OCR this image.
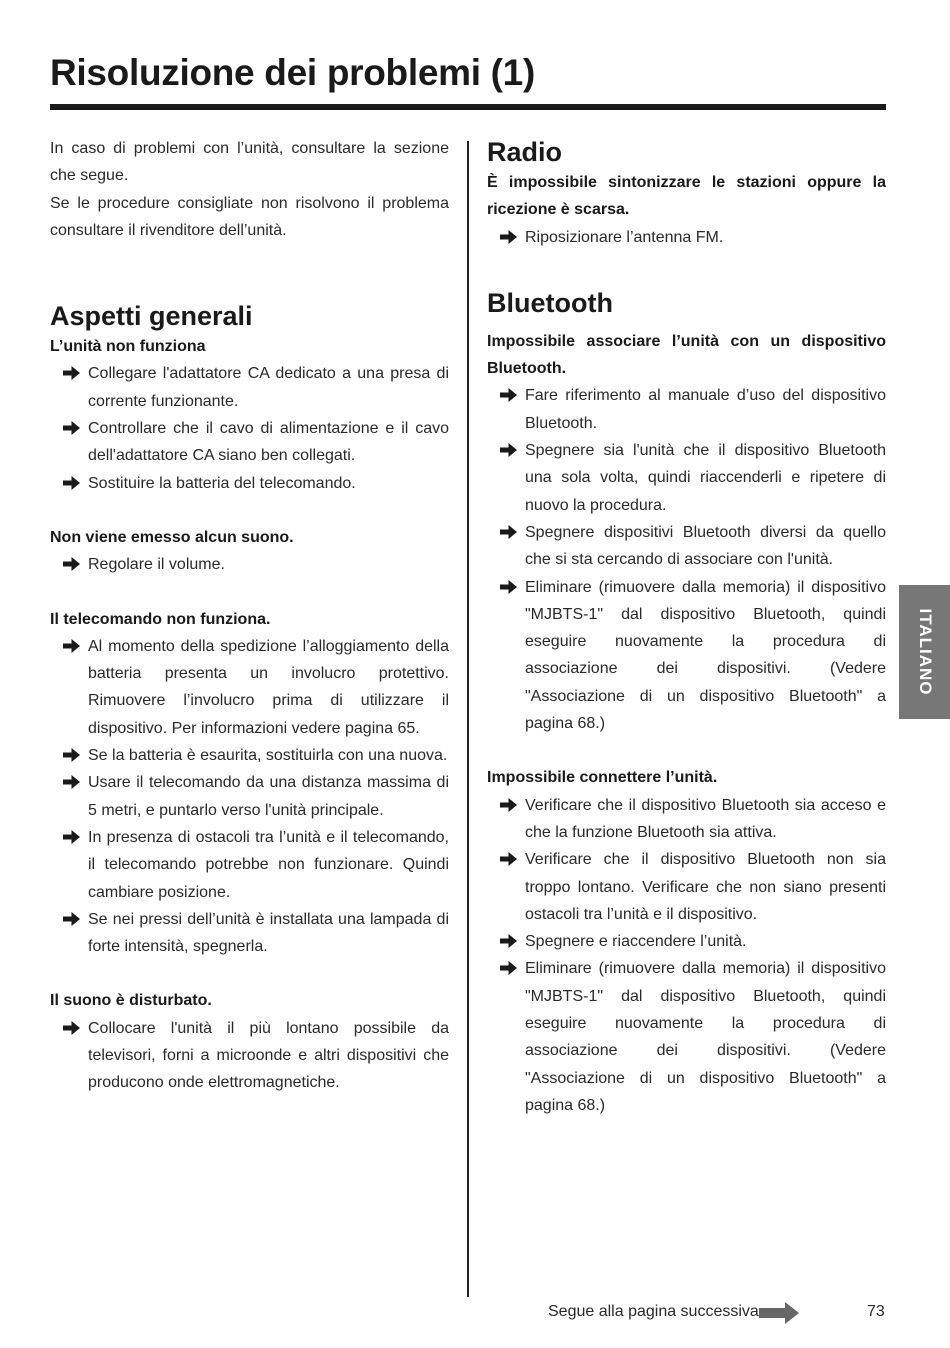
Risoluzione dei problemi (1)

In caso di problemi con l’unità, consultare la sezione che segue.

Se le procedure consigliate non risolvono il problema consultare il rivenditore dell’unità.

Aspetti generali

L’unità non funziona

Collegare l'adattatore CA dedicato a una presa di corrente funzionante.
Controllare che il cavo di alimentazione e il cavo dell'adattatore CA siano ben collegati.
Sostituire la batteria del telecomando.

Non viene emesso alcun suono.

Regolare il volume.

Il telecomando non funziona.

Al momento della spedizione l’alloggiamento della batteria presenta un involucro protettivo. Rimuovere l’involucro prima di utilizzare il dispositivo. Per informazioni vedere pagina 65.
Se la batteria è esaurita, sostituirla con una nuova.
Usare il telecomando da una distanza massima di 5 metri, e puntarlo verso l'unità principale.
In presenza di ostacoli tra l’unità e il telecomando, il telecomando potrebbe non funzionare. Quindi cambiare posizione.
Se nei pressi dell’unità è installata una lampada di forte intensità, spegnerla.

Il suono è disturbato.

Collocare l'unità il più lontano possibile da televisori, forni a microonde e altri dispositivi che producono onde elettromagnetiche.
Radio

È impossibile sintonizzare le stazioni oppure la ricezione è scarsa.

Riposizionare l’antenna FM.
Bluetooth

Impossibile associare l’unità con un dispositivo Bluetooth.

Fare riferimento al manuale d’uso del dispositivo Bluetooth.
Spegnere sia l'unità che il dispositivo Bluetooth una sola volta, quindi riaccenderli e ripetere di nuovo la procedura.
Spegnere dispositivi Bluetooth diversi da quello che si sta cercando di associare con l'unità.
Eliminare (rimuovere dalla memoria) il dispositivo "MJBTS-1" dal dispositivo Bluetooth, quindi eseguire nuovamente la procedura di associazione dei dispositivi. (Vedere "Associazione di un dispositivo Bluetooth" a pagina 68.)

Impossibile connettere l’unità.

Verificare che il dispositivo Bluetooth sia acceso e che la funzione Bluetooth sia attiva.
Verificare che il dispositivo Bluetooth non sia troppo lontano. Verificare che non siano presenti ostacoli tra l’unità e il dispositivo.
Spegnere e riaccendere l’unità.
Eliminare (rimuovere dalla memoria) il dispositivo "MJBTS-1" dal dispositivo Bluetooth, quindi eseguire nuovamente la procedura di associazione dei dispositivi. (Vedere "Associazione di un dispositivo Bluetooth" a pagina 68.)
ITALIANO
Segue alla pagina successiva	73
